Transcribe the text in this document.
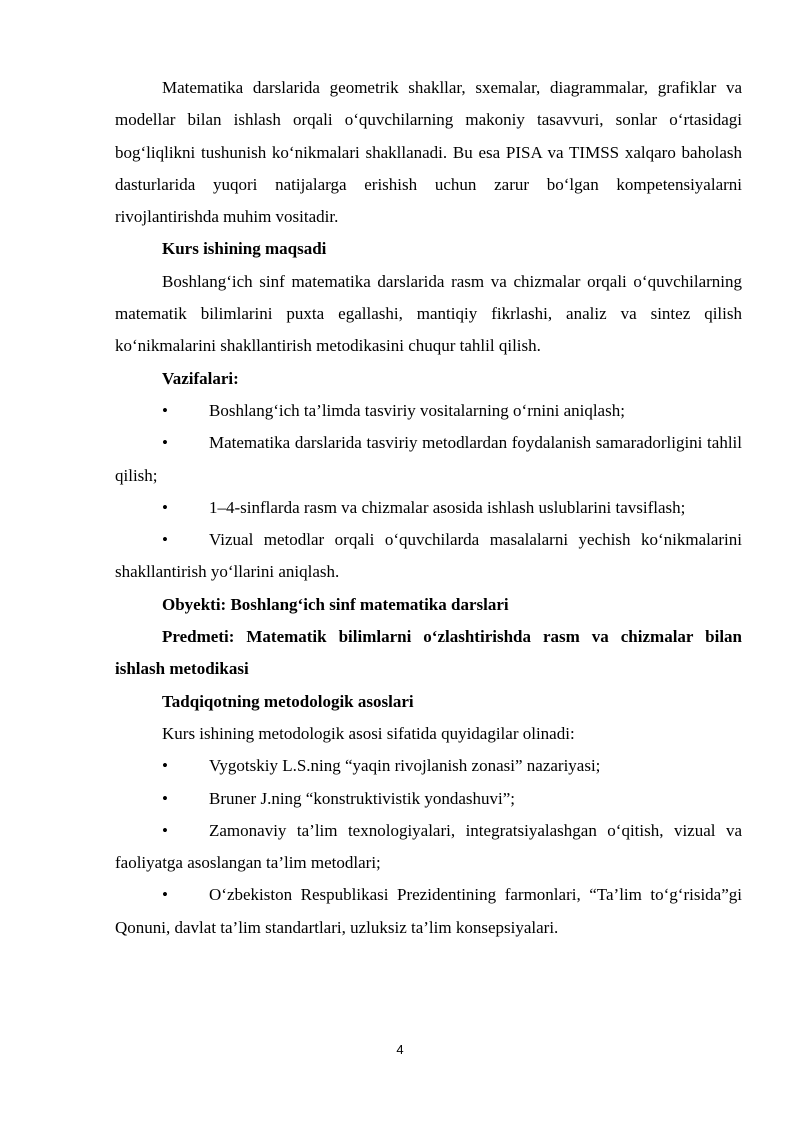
Matematika darslarida geometrik shakllar, sxemalar, diagrammalar, grafiklar va modellar bilan ishlash orqali o‘quvchilarning makoniy tasavvuri, sonlar o‘rtasidagi bog‘liqlikni tushunish ko‘nikmalari shakllanadi. Bu esa PISA va TIMSS xalqaro baholash dasturlarida yuqori natijalarga erishish uchun zarur bo‘lgan kompetensiyalarni rivojlantirishda muhim vositadir.

Kurs ishining maqsadi

Boshlang‘ich sinf matematika darslarida rasm va chizmalar orqali o‘quvchilarning matematik bilimlarini puxta egallashi, mantiqiy fikrlashi, analiz va sintez qilish ko‘nikmalarini shakllantirish metodikasini chuqur tahlil qilish.

Vazifalari:

• Boshlang‘ich ta’limda tasviriy vositalarning o‘rnini aniqlash;

• Matematika darslarida tasviriy metodlardan foydalanish samaradorligini tahlil qilish;

• 1–4-sinflarda rasm va chizmalar asosida ishlash uslublarini tavsiflash;

• Vizual metodlar orqali o‘quvchilarda masalalarni yechish ko‘nikmalarini shakllantirish yo‘llarini aniqlash.

Obyekti: Boshlang‘ich sinf matematika darslari

Predmeti: Matematik bilimlarni o‘zlashtirishda rasm va chizmalar bilan ishlash metodikasi

Tadqiqotning metodologik asoslari

Kurs ishining metodologik asosi sifatida quyidagilar olinadi:

• Vygotskiy L.S.ning “yaqin rivojlanish zonasi” nazariyasi;

• Bruner J.ning “konstruktivistik yondashuvi”;

• Zamonaviy ta’lim texnologiyalari, integratsiyalashgan o‘qitish, vizual va faoliyatga asoslangan ta’lim metodlari;

• O‘zbekiston Respublikasi Prezidentining farmonlari, “Ta’lim to‘g‘risida”gi Qonuni, davlat ta’lim standartlari, uzluksiz ta’lim konsepsiyalari.

4
